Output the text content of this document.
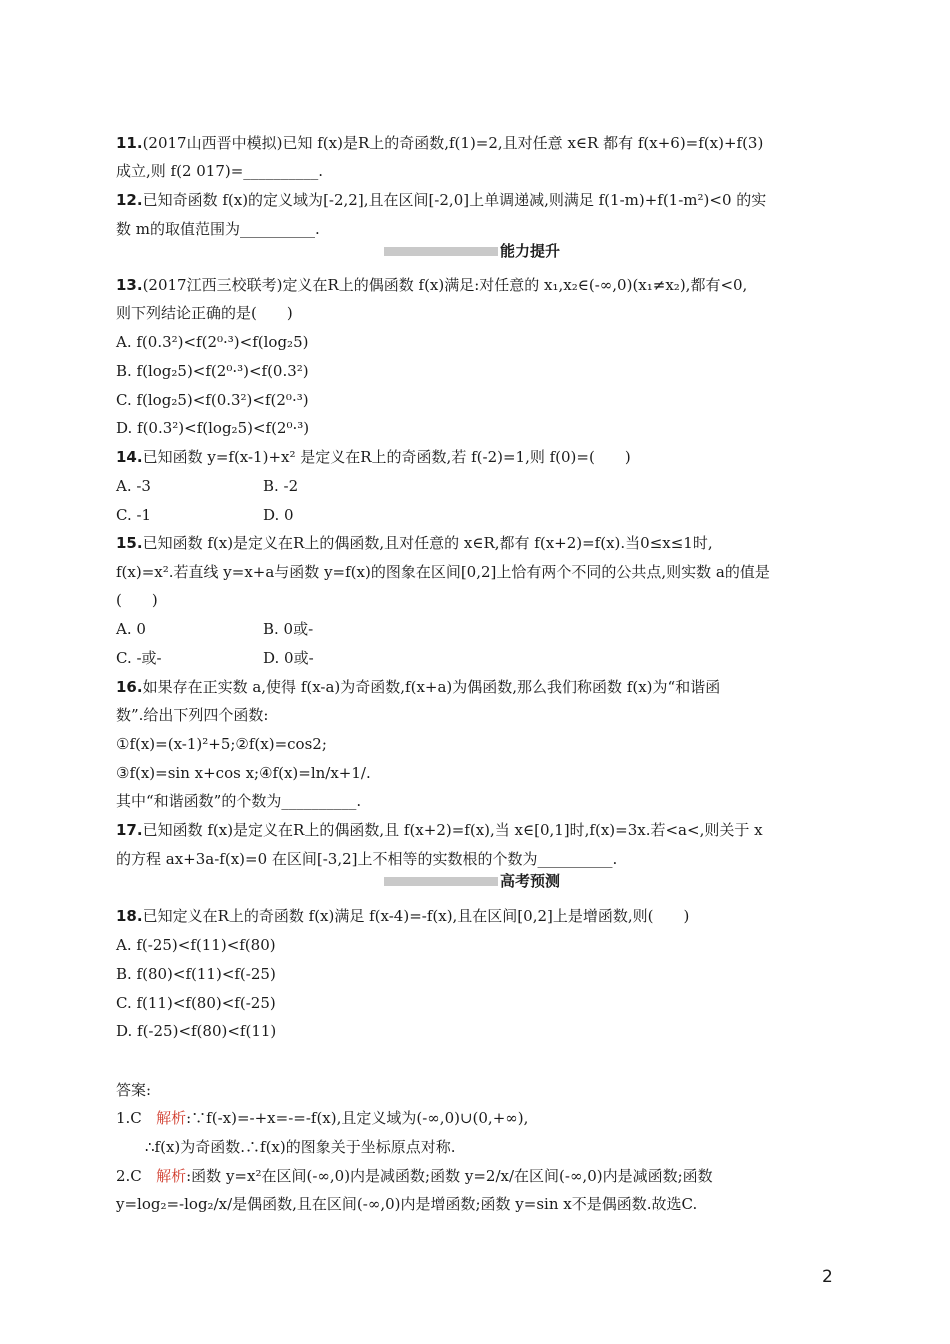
11.(2017山西晋中模拟)已知 f(x)是R上的奇函数,f(1)=2,且对任意 x∈R 都有 f(x+6)=f(x)+f(3)
成立,则 f(2 017)=__________.
12.已知奇函数 f(x)的定义域为[-2,2],且在区间[-2,0]上单调递减,则满足 f(1-m)+f(1-m²)<0 的实
数 m的取值范围为__________.
能力提升
13.(2017江西三校联考)定义在R上的偶函数 f(x)满足:对任意的 x₁,x₂∈(-∞,0)(x₁≠x₂),都有<0,
则下列结论正确的是(　　)
A. f(0.3²)<f(2⁰·³)<f(log₂5)
B. f(log₂5)<f(2⁰·³)<f(0.3²)
C. f(log₂5)<f(0.3²)<f(2⁰·³)
D. f(0.3²)<f(log₂5)<f(2⁰·³)
14.已知函数 y=f(x-1)+x² 是定义在R上的奇函数,若 f(-2)=1,则 f(0)=(　　)
A. -3	B. -2
C. -1	D. 0
15.已知函数 f(x)是定义在R上的偶函数,且对任意的 x∈R,都有 f(x+2)=f(x).当0≤x≤1时,
f(x)=x².若直线 y=x+a与函数 y=f(x)的图象在区间[0,2]上恰有两个不同的公共点,则实数 a的值是
(　　)
A. 0	B. 0或-
C. -或-	D. 0或-
16.如果存在正实数 a,使得 f(x-a)为奇函数,f(x+a)为偶函数,那么我们称函数 f(x)为“和谐函
数”.给出下列四个函数:
①f(x)=(x-1)²+5;②f(x)=cos2;
③f(x)=sin x+cos x;④f(x)=ln/x+1/.
其中“和谐函数”的个数为__________.
17.已知函数 f(x)是定义在R上的偶函数,且 f(x+2)=f(x),当 x∈[0,1]时,f(x)=3x.若<a<,则关于 x
的方程 ax+3a-f(x)=0 在区间[-3,2]上不相等的实数根的个数为__________.
高考预测
18.已知定义在R上的奇函数 f(x)满足 f(x-4)=-f(x),且在区间[0,2]上是增函数,则(　　)
A. f(-25)<f(11)<f(80)
B. f(80)<f(11)<f(-25)
C. f(11)<f(80)<f(-25)
D. f(-25)<f(80)<f(11)
答案:
1.C 解析:∵f(-x)=-+x=-=-f(x),且定义域为(-∞,0)∪(0,+∞),
∴f(x)为奇函数.∴f(x)的图象关于坐标原点对称.
2.C 解析:函数 y=x²在区间(-∞,0)内是减函数;函数 y=2/x/在区间(-∞,0)内是减函数;函数
y=log₂=-log₂/x/是偶函数,且在区间(-∞,0)内是增函数;函数 y=sin x不是偶函数.故选C.
2
